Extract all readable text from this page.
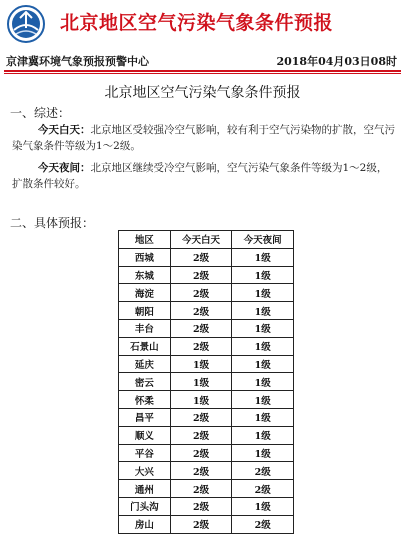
北京地区空气污染气象条件预报
京津冀环境气象预报预警中心	2018年04月03日08时
北京地区空气污染气象条件预报
一、综述：
今天白天：北京地区受较强冷空气影响，较有利于空气污染物的扩散，空气污染气象条件等级为1～2级。
今天夜间：北京地区继续受冷空气影响，空气污染气象条件等级为1～2级，扩散条件较好。
二、具体预报：
地区	今天白天	今天夜间
西城	2级	1级
东城	2级	1级
海淀	2级	1级
朝阳	2级	1级
丰台	2级	1级
石景山	2级	1级
延庆	1级	1级
密云	1级	1级
怀柔	1级	1级
昌平	2级	1级
顺义	2级	1级
平谷	2级	1级
大兴	2级	2级
通州	2级	2级
门头沟	2级	1级
房山	2级	2级
